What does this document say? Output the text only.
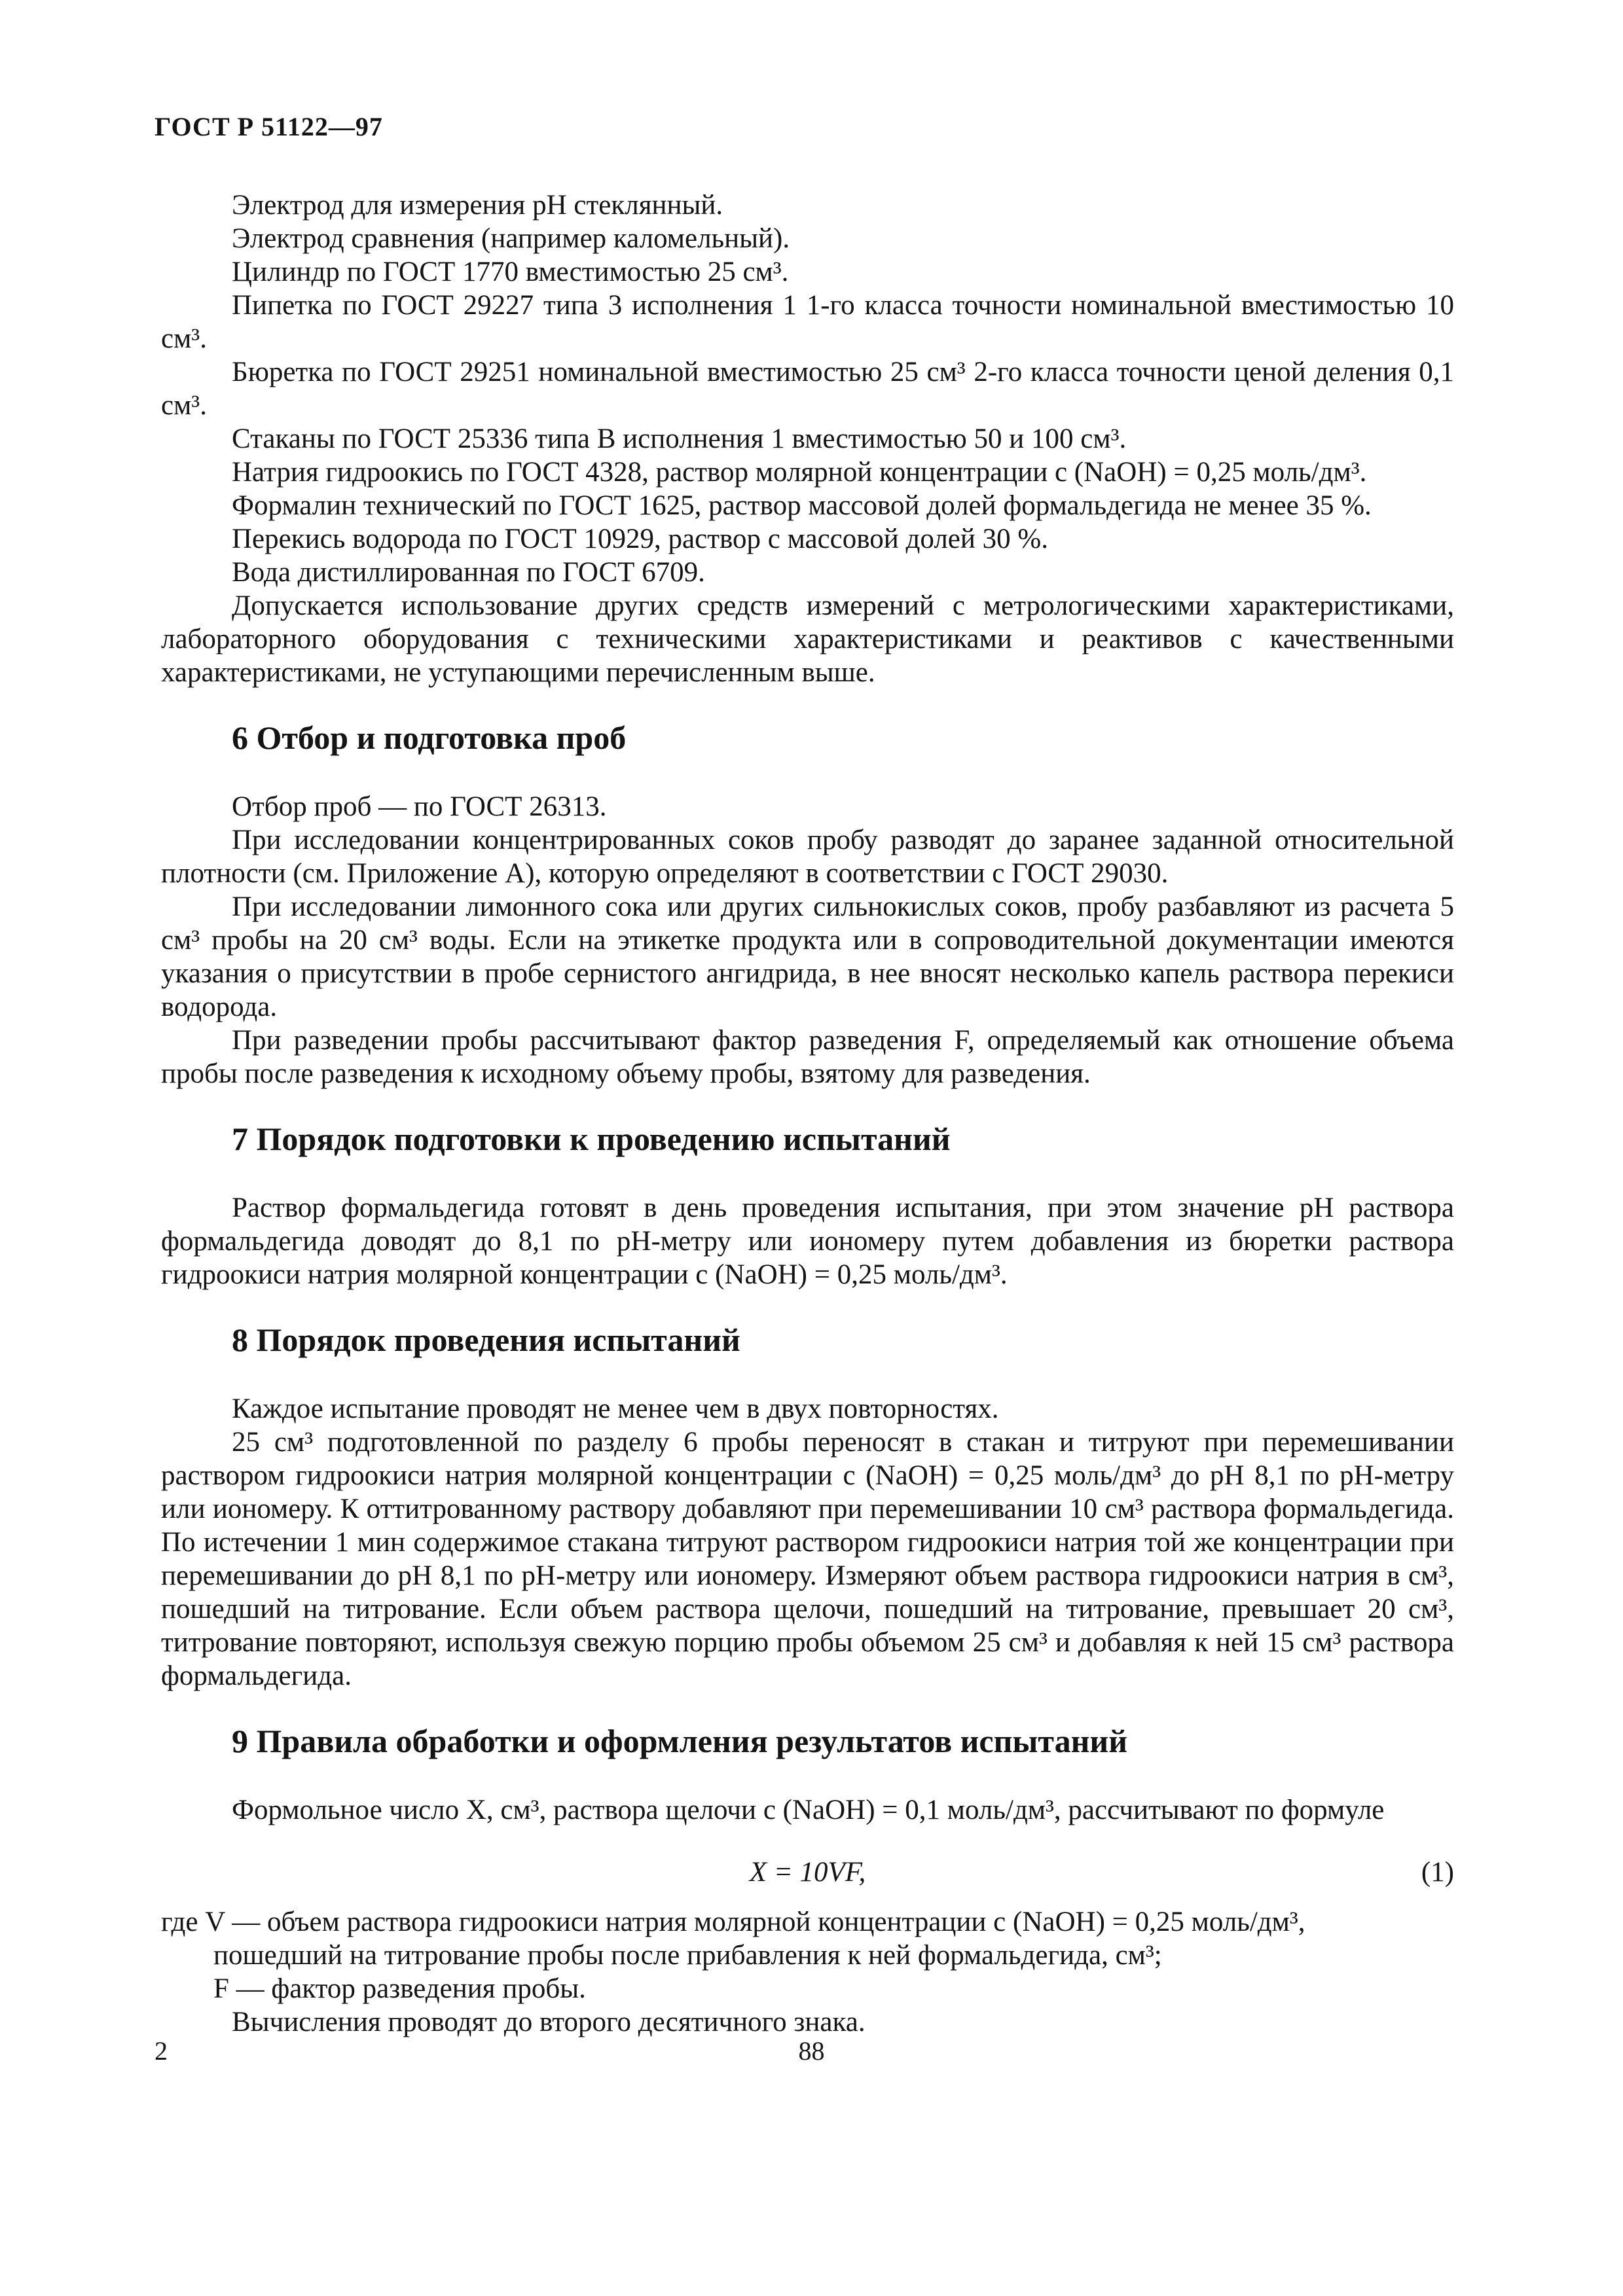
ГОСТ Р 51122—97

Электрод для измерения pH стеклянный.

Электрод сравнения (например каломельный).

Цилиндр по ГОСТ 1770 вместимостью 25 см³.

Пипетка по ГОСТ 29227 типа 3 исполнения 1 1-го класса точности номинальной вместимостью 10 см³.

Бюретка по ГОСТ 29251 номинальной вместимостью 25 см³ 2-го класса точности ценой деления 0,1 см³.

Стаканы по ГОСТ 25336 типа В исполнения 1 вместимостью 50 и 100 см³.

Натрия гидроокись по ГОСТ 4328, раствор молярной концентрации c (NaOH) = 0,25 моль/дм³.

Формалин технический по ГОСТ 1625, раствор массовой долей формальдегида не менее 35 %.

Перекись водорода по ГОСТ 10929, раствор с массовой долей 30 %.

Вода дистиллированная по ГОСТ 6709.

Допускается использование других средств измерений с метрологическими характеристиками, лабораторного оборудования с техническими характеристиками и реактивов с качественными характеристиками, не уступающими перечисленным выше.

6 Отбор и подготовка проб

Отбор проб — по ГОСТ 26313.

При исследовании концентрированных соков пробу разводят до заранее заданной относительной плотности (см. Приложение А), которую определяют в соответствии с ГОСТ 29030.

При исследовании лимонного сока или других сильнокислых соков, пробу разбавляют из расчета 5 см³ пробы на 20 см³ воды. Если на этикетке продукта или в сопроводительной документации имеются указания о присутствии в пробе сернистого ангидрида, в нее вносят несколько капель раствора перекиси водорода.

При разведении пробы рассчитывают фактор разведения F, определяемый как отношение объема пробы после разведения к исходному объему пробы, взятому для разведения.

7 Порядок подготовки к проведению испытаний

Раствор формальдегида готовят в день проведения испытания, при этом значение pH раствора формальдегида доводят до 8,1 по pH-метру или иономеру путем добавления из бюретки раствора гидроокиси натрия молярной концентрации c (NaOH) = 0,25 моль/дм³.

8 Порядок проведения испытаний

Каждое испытание проводят не менее чем в двух повторностях.

25 см³ подготовленной по разделу 6 пробы переносят в стакан и титруют при перемешивании раствором гидроокиси натрия молярной концентрации c (NaOH) = 0,25 моль/дм³ до pH 8,1 по pH-метру или иономеру. К оттитрованному раствору добавляют при перемешивании 10 см³ раствора формальдегида. По истечении 1 мин содержимое стакана титруют раствором гидроокиси натрия той же концентрации при перемешивании до pH 8,1 по pH-метру или иономеру. Измеряют объем раствора гидроокиси натрия в см³, пошедший на титрование. Если объем раствора щелочи, пошедший на титрование, превышает 20 см³, титрование повторяют, используя свежую порцию пробы объемом 25 см³ и добавляя к ней 15 см³ раствора формальдегида.

9 Правила обработки и оформления результатов испытаний

Формольное число X, см³, раствора щелочи c (NaOH) = 0,1 моль/дм³, рассчитывают по формуле

X = 10VF,	(1)
где V — объем раствора гидроокиси натрия молярной концентрации c (NaOH) = 0,25 моль/дм³,
пошедший на титрование пробы после прибавления к ней формальдегида, см³;
F — фактор разведения пробы.

Вычисления проводят до второго десятичного знака.

2	88
